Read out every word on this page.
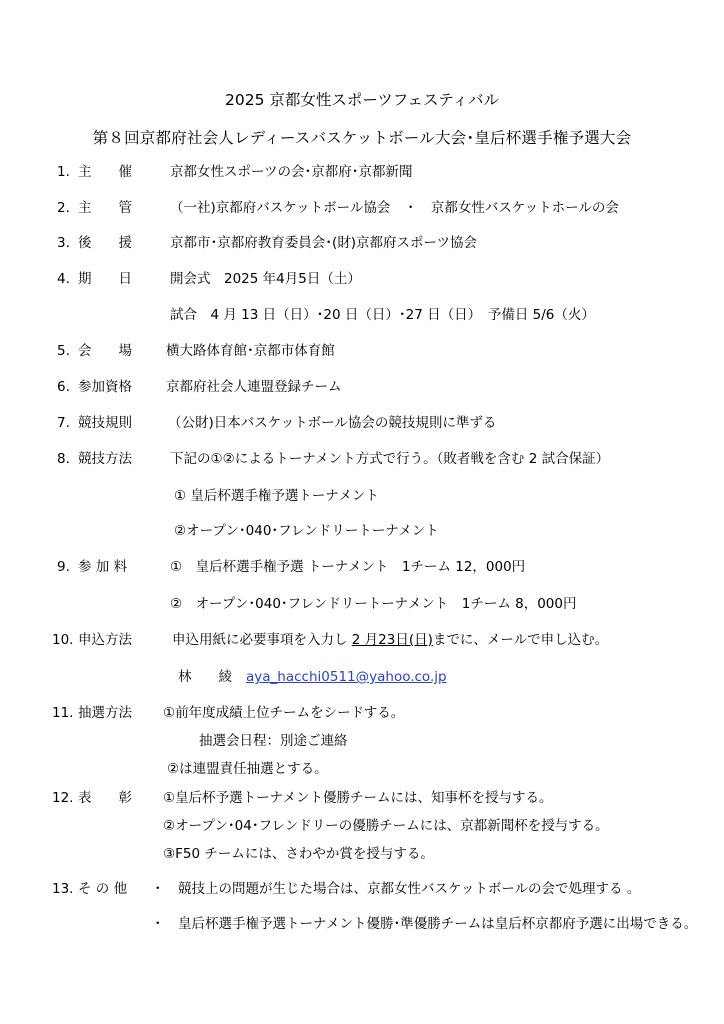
2025 京都女性スポーツフェスティバル
第８回京都府社会人レディースバスケットボール大会･皇后杯選手権予選大会
1. 主　　催	京都女性スポーツの会･京都府･京都新聞
2. 主　　管	（一社)京都府バスケットボール協会　・　京都女性バスケットホールの会
3. 後　　援	京都市･京都府教育委員会･(財)京都府スポーツ協会
4. 期　　日	開会式　2025 年4月5日（土）
試合　4 月 13 日（日）･20 日（日）･27 日（日）　予備日 5/6（火）
5. 会　　場	横大路体育館･京都市体育館
6. 参加資格	京都府社会人連盟登録チーム
7. 競技規則	（公財)日本バスケットボール協会の競技規則に準ずる
8. 競技方法	下記の①②によるトーナメント方式で行う。（敗者戦を含む 2 試合保証）
① 皇后杯選手権予選トーナメント
②オープン･040･フレンドリートーナメント
9. 参 加 料	①　皇后杯選手権予選 トーナメント　1チーム 12，000円
②　オープン･040･フレンドリートーナメント　1チーム 8，000円
10. 申込方法	申込用紙に必要事項を入力し 2 月23日(日)までに、メールで申し込む。
林　　綾 aya_hacchi0511@yahoo.co.jp
11. 抽選方法 ①前年度成績上位チームをシードする。
抽選会日程：別途ご連絡
②は連盟責任抽選とする。
12. 表　　彰 ①皇后杯予選トーナメント優勝チームには、知事杯を授与する。
②オープン･04･フレンドリーの優勝チームには、京都新聞杯を授与する。
③F50 チームには、さわやか賞を授与する。
13. そ の 他 ・　競技上の問題が生じた場合は、京都女性バスケットボールの会で処理する 。
・　皇后杯選手権予選トーナメント優勝･準優勝チームは皇后杯京都府予選に出場できる。
